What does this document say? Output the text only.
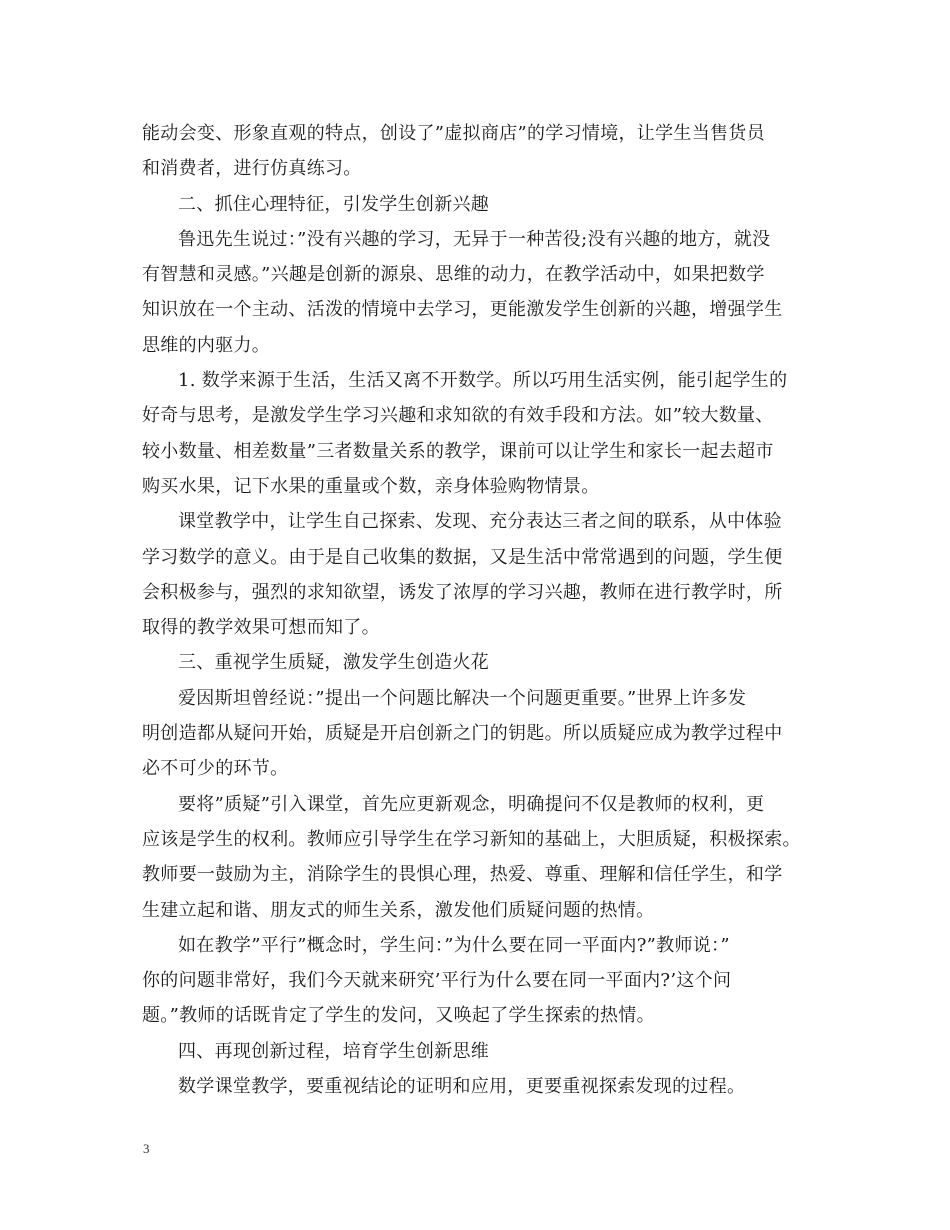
能动会变、形象直观的特点，创设了”虚拟商店”的学习情境，让学生当售货员
和消费者，进行仿真练习。
二、抓住心理特征，引发学生创新兴趣
鲁迅先生说过：”没有兴趣的学习，无异于一种苦役;没有兴趣的地方，就没
有智慧和灵感。”兴趣是创新的源泉、思维的动力，在教学活动中，如果把数学
知识放在一个主动、活泼的情境中去学习，更能激发学生创新的兴趣，增强学生
思维的内驱力。
1. 数学来源于生活，生活又离不开数学。所以巧用生活实例，能引起学生的
好奇与思考，是激发学生学习兴趣和求知欲的有效手段和方法。如”较大数量、
较小数量、相差数量”三者数量关系的教学，课前可以让学生和家长一起去超市
购买水果，记下水果的重量或个数，亲身体验购物情景。
课堂教学中，让学生自己探索、发现、充分表达三者之间的联系，从中体验
学习数学的意义。由于是自己收集的数据，又是生活中常常遇到的问题，学生便
会积极参与，强烈的求知欲望，诱发了浓厚的学习兴趣，教师在进行教学时，所
取得的教学效果可想而知了。
三、重视学生质疑，激发学生创造火花
爱因斯坦曾经说：”提出一个问题比解决一个问题更重要。”世界上许多发
明创造都从疑问开始，质疑是开启创新之门的钥匙。所以质疑应成为教学过程中
必不可少的环节。
要将”质疑”引入课堂，首先应更新观念，明确提问不仅是教师的权利，更
应该是学生的权利。教师应引导学生在学习新知的基础上，大胆质疑，积极探索。
教师要一鼓励为主，消除学生的畏惧心理，热爱、尊重、理解和信任学生，和学
生建立起和谐、朋友式的师生关系，激发他们质疑问题的热情。
如在教学”平行”概念时，学生问：”为什么要在同一平面内?”教师说：”
你的问题非常好，我们今天就来研究’平行为什么要在同一平面内?’这个问
题。”教师的话既肯定了学生的发问，又唤起了学生探索的热情。
四、再现创新过程，培育学生创新思维
数学课堂教学，要重视结论的证明和应用，更要重视探索发现的过程。
3
